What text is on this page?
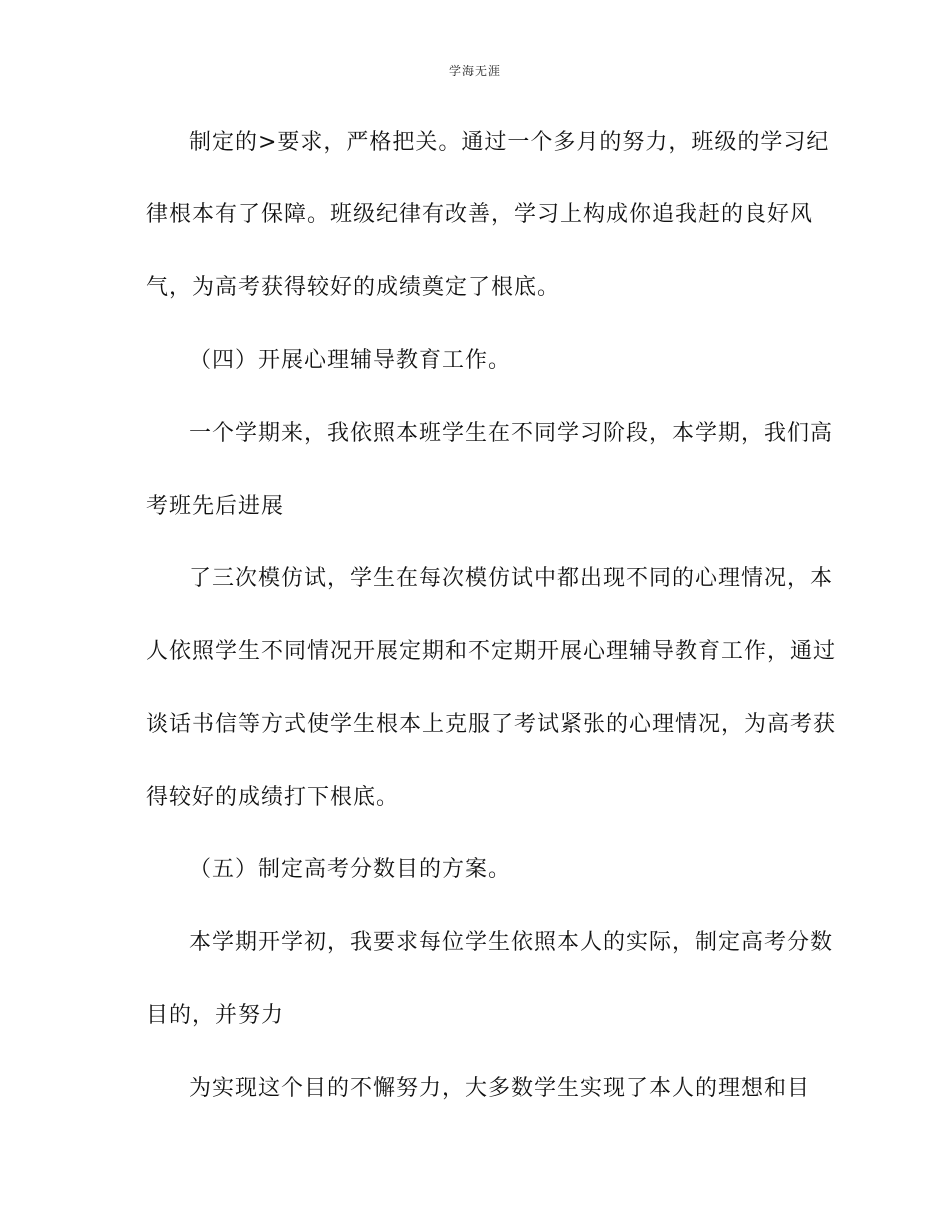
学海无涯
制定的>要求，严格把关。通过一个多月的努力，班级的学习纪
律根本有了保障。班级纪律有改善，学习上构成你追我赶的良好风
气，为高考获得较好的成绩奠定了根底。
（四）开展心理辅导教育工作。
一个学期来，我依照本班学生在不同学习阶段，本学期，我们高
考班先后进展
了三次模仿试，学生在每次模仿试中都出现不同的心理情况，本
人依照学生不同情况开展定期和不定期开展心理辅导教育工作，通过
谈话书信等方式使学生根本上克服了考试紧张的心理情况，为高考获
得较好的成绩打下根底。
（五）制定高考分数目的方案。
本学期开学初，我要求每位学生依照本人的实际，制定高考分数
目的，并努力
为实现这个目的不懈努力，大多数学生实现了本人的理想和目
